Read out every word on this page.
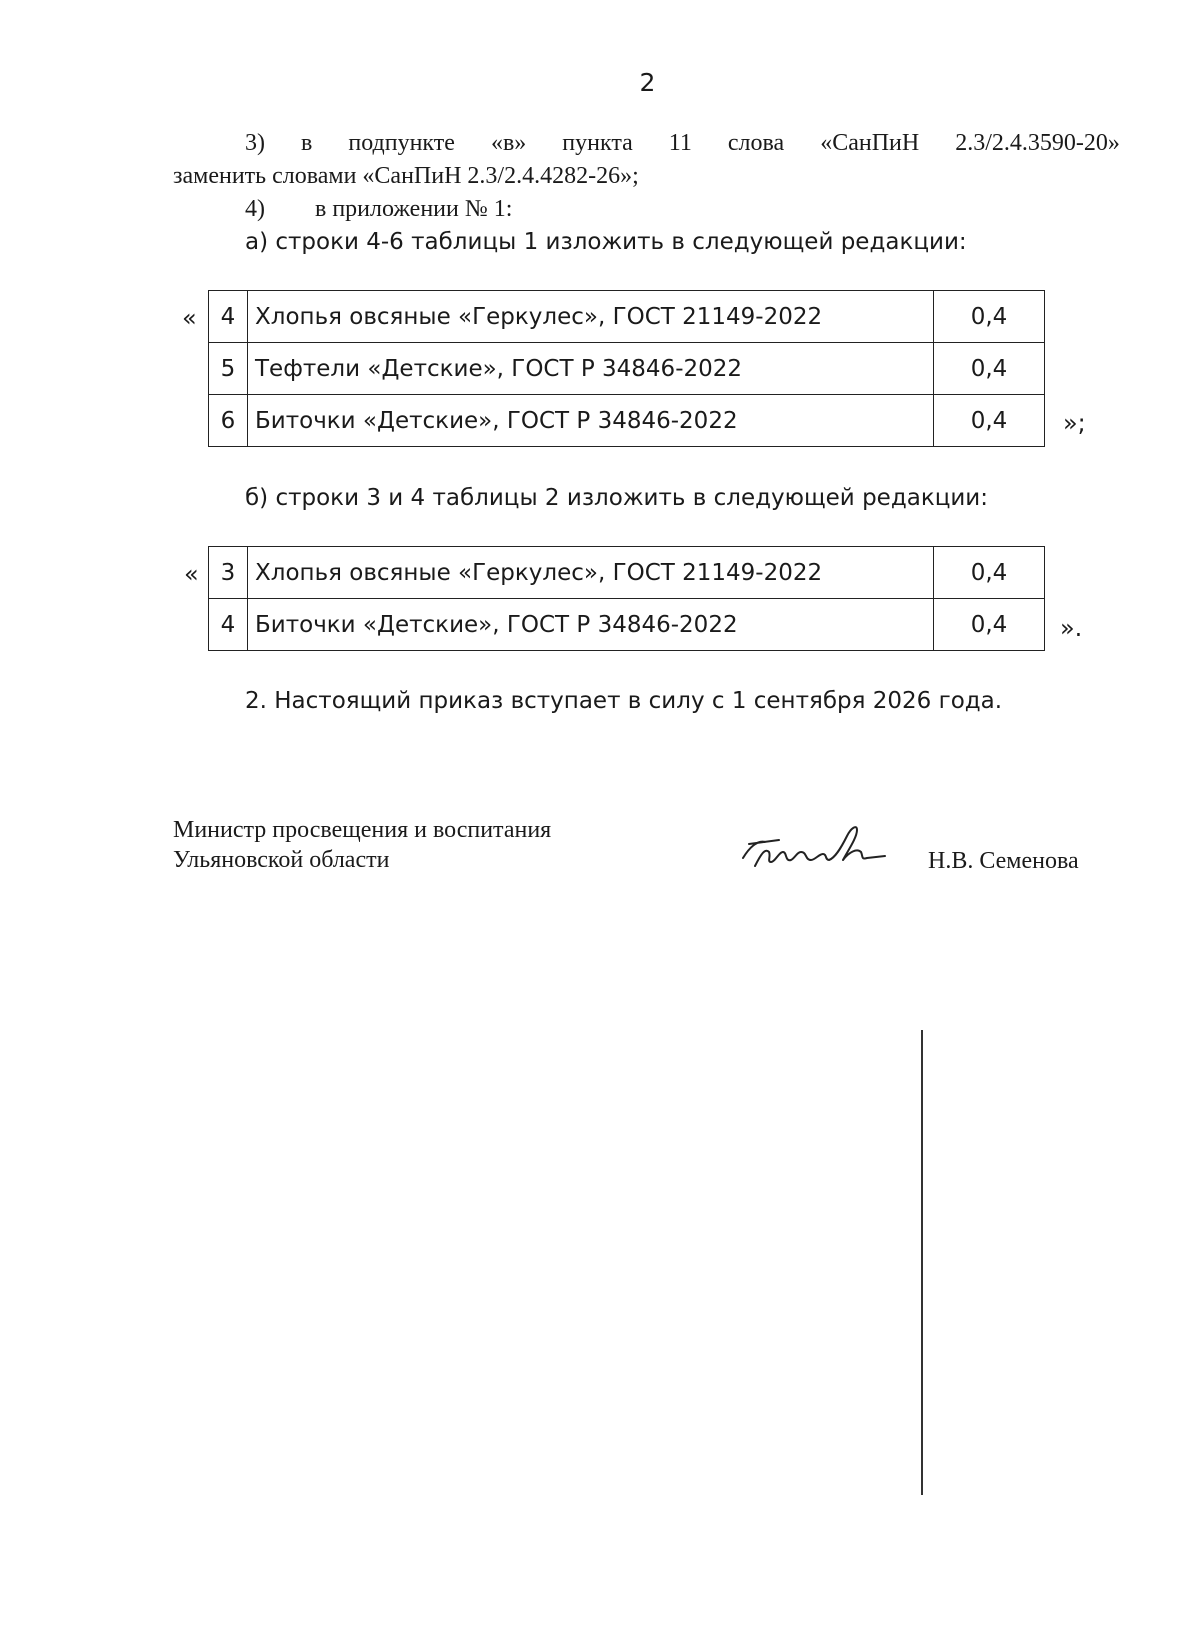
2
3) в подпункте «в» пункта 11 слова «СанПиН 2.3/2.4.3590-20»
заменить словами «СанПиН 2.3/2.4.4282-26»;
4) в приложении № 1:
а) строки 4-6 таблицы 1 изложить в следующей редакции:
« 4	Хлопья овсяные «Геркулес», ГОСТ 21149-2022	0,4
5	Тефтели «Детские», ГОСТ Р 34846-2022	0,4
6	Биточки «Детские», ГОСТ Р 34846-2022	0,4 »;
б) строки 3 и 4 таблицы 2 изложить в следующей редакции:
« 3	Хлопья овсяные «Геркулес», ГОСТ 21149-2022	0,4
4	Биточки «Детские», ГОСТ Р 34846-2022	0,4 ».
2. Настоящий приказ вступает в силу с 1 сентября 2026 года.
Министр просвещения и воспитания
Ульяновской области	Н.В. Семенова
